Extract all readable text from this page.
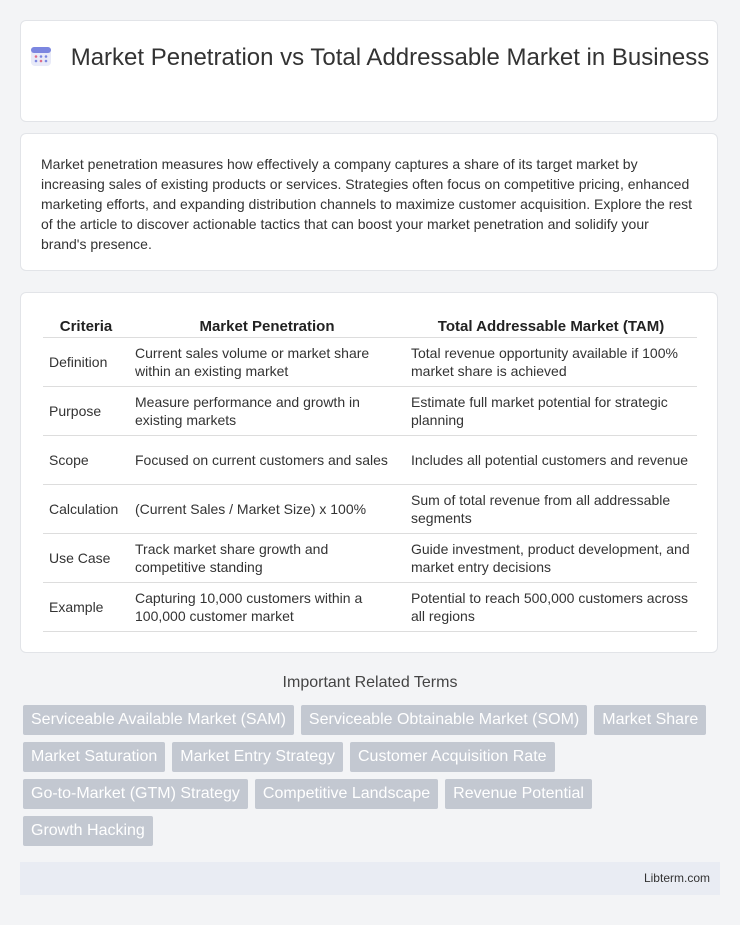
Market Penetration vs Total Addressable Market in Business
Market penetration measures how effectively a company captures a share of its target market by increasing sales of existing products or services. Strategies often focus on competitive pricing, enhanced marketing efforts, and expanding distribution channels to maximize customer acquisition. Explore the rest of the article to discover actionable tactics that can boost your market penetration and solidify your brand's presence.
Criteria	Market Penetration	Total Addressable Market (TAM)
Definition	Current sales volume or market share within an existing market	Total revenue opportunity available if 100% market share is achieved
Purpose	Measure performance and growth in existing markets	Estimate full market potential for strategic planning
Scope	Focused on current customers and sales	Includes all potential customers and revenue
Calculation	(Current Sales / Market Size) x 100%	Sum of total revenue from all addressable segments
Use Case	Track market share growth and competitive standing	Guide investment, product development, and market entry decisions
Example	Capturing 10,000 customers within a 100,000 customer market	Potential to reach 500,000 customers across all regions
Important Related Terms
Serviceable Available Market (SAM)	Serviceable Obtainable Market (SOM)	Market Share
Market Saturation	Market Entry Strategy	Customer Acquisition Rate
Go-to-Market (GTM) Strategy	Competitive Landscape	Revenue Potential
Growth Hacking
Libterm.com
